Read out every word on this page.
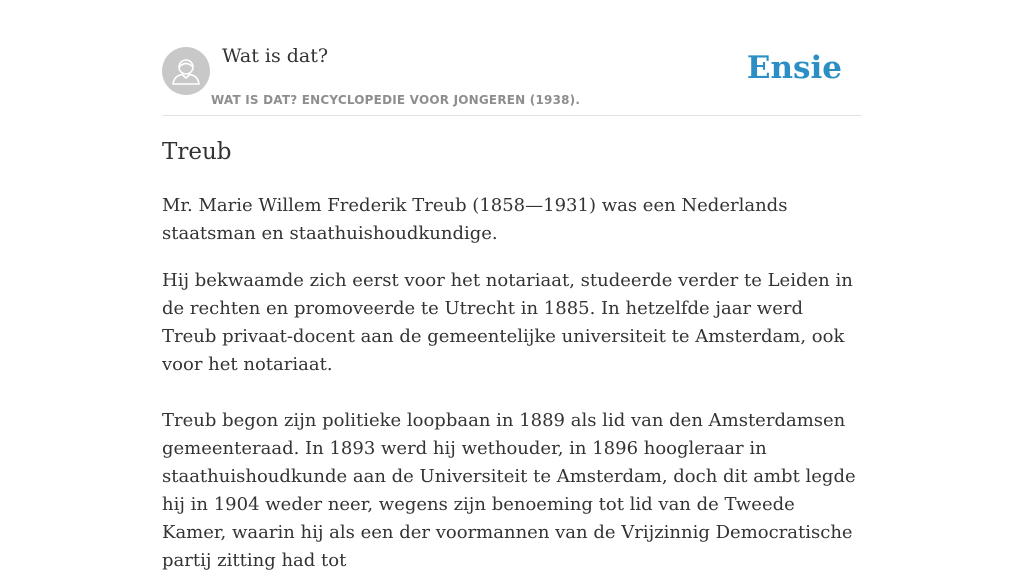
Wat is dat?
WAT IS DAT? ENCYCLOPEDIE VOOR JONGEREN (1938).
Ensie
Treub

Mr. Marie Willem Frederik Treub (1858—1931) was een Nederlands staatsman en staathuishoudkundige.

Hij bekwaamde zich eerst voor het notariaat, studeerde verder te Leiden in de rechten en promoveerde te Utrecht in 1885. In hetzelfde jaar werd Treub privaat-docent aan de gemeentelijke universiteit te Amsterdam, ook voor het notariaat.

Treub begon zijn politieke loopbaan in 1889 als lid van den Amsterdamsen gemeenteraad. In 1893 werd hij wethouder, in 1896 hoogleraar in staathuishoudkunde aan de Universiteit te Amsterdam, doch dit ambt legde hij in 1904 weder neer, wegens zijn benoeming tot lid van de Tweede Kamer, waarin hij als een der voormannen van de Vrijzinnig Democratische partij zitting had tot
